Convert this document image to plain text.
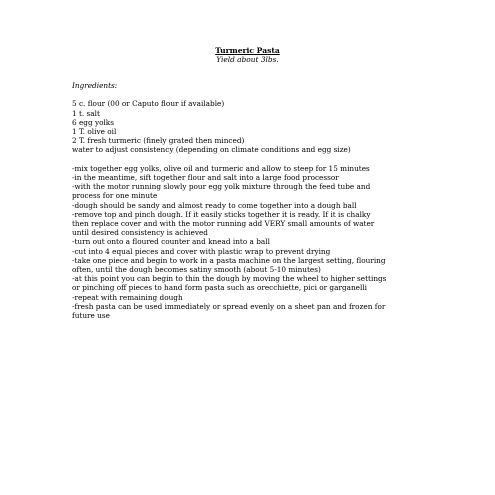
Turmeric Pasta
Yield about 3lbs.
Ingredients:
5 c. flour (00 or Caputo flour if available)
1 t. salt
6 egg yolks
1 T. olive oil
2 T. fresh turmeric (finely grated then minced)
water to adjust consistency (depending on climate conditions and egg size)
-mix together egg yolks, olive oil and turmeric and allow to steep for 15 minutes
-in the meantime, sift together flour and salt into a large food processor
-with the motor running slowly pour egg yolk mixture through the feed tube and
process for one minute
-dough should be sandy and almost ready to come together into a dough ball
-remove top and pinch dough. If it easily sticks together it is ready. If it is chalky
then replace cover and with the motor running add VERY small amounts of water
until desired consistency is achieved
-turn out onto a floured counter and knead into a ball
-cut into 4 equal pieces and cover with plastic wrap to prevent drying
-take one piece and begin to work in a pasta machine on the largest setting, flouring
often, until the dough becomes satiny smooth (about 5-10 minutes)
-at this point you can begin to thin the dough by moving the wheel to higher settings
or pinching off pieces to hand form pasta such as orecchiette, pici or garganelli
-repeat with remaining dough
-fresh pasta can be used immediately or spread evenly on a sheet pan and frozen for
future use
